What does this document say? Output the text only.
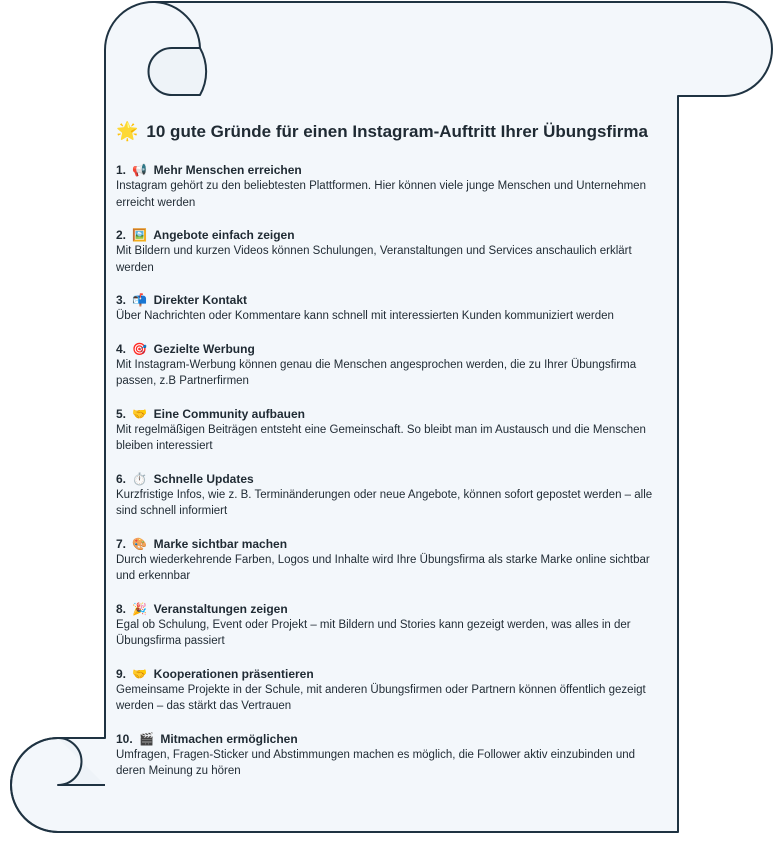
🌟 10 gute Gründe für einen Instagram-Auftritt Ihrer Übungsfirma
1. 📢 Mehr Menschen erreichen
Instagram gehört zu den beliebtesten Plattformen. Hier können viele junge Menschen und Unternehmen erreicht werden
2. 🖼️ Angebote einfach zeigen
Mit Bildern und kurzen Videos können Schulungen, Veranstaltungen und Services anschaulich erklärt werden
3. 📬 Direkter Kontakt
Über Nachrichten oder Kommentare kann schnell mit interessierten Kunden kommuniziert werden
4. 🎯 Gezielte Werbung
Mit Instagram-Werbung können genau die Menschen angesprochen werden, die zu Ihrer Übungsfirma passen, z.B Partnerfirmen
5. 🤝 Eine Community aufbauen
Mit regelmäßigen Beiträgen entsteht eine Gemeinschaft. So bleibt man im Austausch und die Menschen bleiben interessiert
6. ⏱️ Schnelle Updates
Kurzfristige Infos, wie z. B. Terminänderungen oder neue Angebote, können sofort gepostet werden – alle sind schnell informiert
7. 🎨 Marke sichtbar machen
Durch wiederkehrende Farben, Logos und Inhalte wird Ihre Übungsfirma als starke Marke online sichtbar und erkennbar
8. 🎉 Veranstaltungen zeigen
Egal ob Schulung, Event oder Projekt – mit Bildern und Stories kann gezeigt werden, was alles in der Übungsfirma passiert
9. 🤝 Kooperationen präsentieren
Gemeinsame Projekte in der Schule, mit anderen Übungsfirmen oder Partnern können öffentlich gezeigt werden – das stärkt das Vertrauen
10. 🎬 Mitmachen ermöglichen
Umfragen, Fragen-Sticker und Abstimmungen machen es möglich, die Follower aktiv einzubinden und deren Meinung zu hören
